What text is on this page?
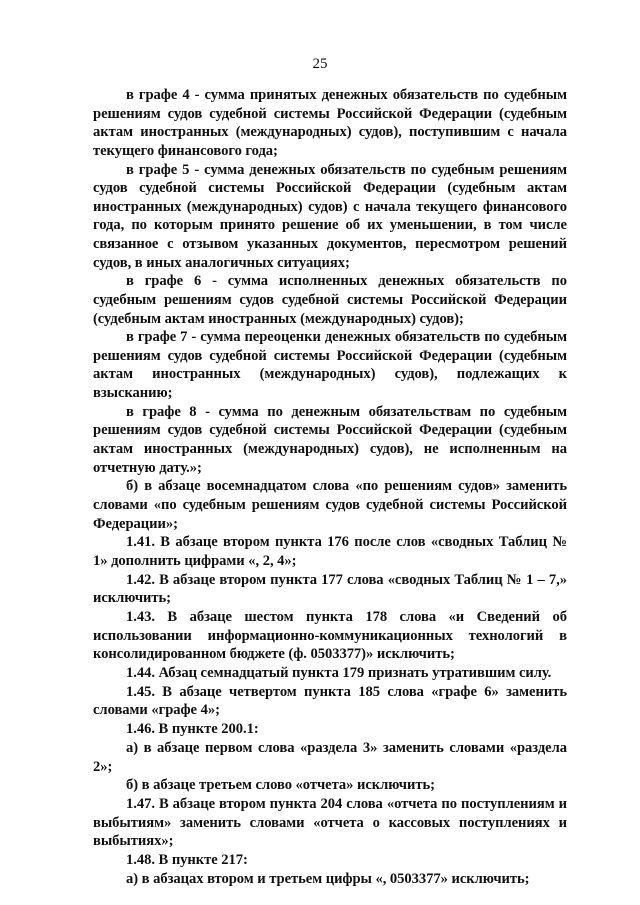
25

в графе 4 - сумма принятых денежных обязательств по судебным решениям судов судебной системы Российской Федерации (судебным актам иностранных (международных) судов), поступившим с начала текущего финансового года;

в графе 5 - сумма денежных обязательств по судебным решениям судов судебной системы Российской Федерации (судебным актам иностранных (международных) судов) с начала текущего финансового года, по которым принято решение об их уменьшении, в том числе связанное с отзывом указанных документов, пересмотром решений судов, в иных аналогичных ситуациях;

в графе 6 - сумма исполненных денежных обязательств по судебным решениям судов судебной системы Российской Федерации (судебным актам иностранных (международных) судов);

в графе 7 - сумма переоценки денежных обязательств по судебным решениям судов судебной системы Российской Федерации (судебным актам иностранных (международных) судов), подлежащих к взысканию;

в графе 8 - сумма по денежным обязательствам по судебным решениям судов судебной системы Российской Федерации (судебным актам иностранных (международных) судов), не исполненным на отчетную дату.»;

б) в абзаце восемнадцатом слова «по решениям судов» заменить словами «по судебным решениям судов судебной системы Российской Федерации»;

1.41. В абзаце втором пункта 176 после слов «сводных Таблиц № 1» дополнить цифрами «, 2, 4»;

1.42. В абзаце втором пункта 177 слова «сводных Таблиц № 1 – 7,» исключить;

1.43. В абзаце шестом пункта 178 слова «и Сведений об использовании информационно-коммуникационных технологий в консолидированном бюджете (ф. 0503377)» исключить;

1.44. Абзац семнадцатый пункта 179 признать утратившим силу.

1.45. В абзаце четвертом пункта 185 слова «графе 6» заменить словами «графе 4»;

1.46. В пункте 200.1:

а) в абзаце первом слова «раздела 3» заменить словами «раздела 2»;

б) в абзаце третьем слово «отчета» исключить;

1.47. В абзаце втором пункта 204 слова «отчета по поступлениям и выбытиям» заменить словами «отчета о кассовых поступлениях и выбытиях»;

1.48. В пункте 217:

а) в абзацах втором и третьем цифры «, 0503377» исключить;
